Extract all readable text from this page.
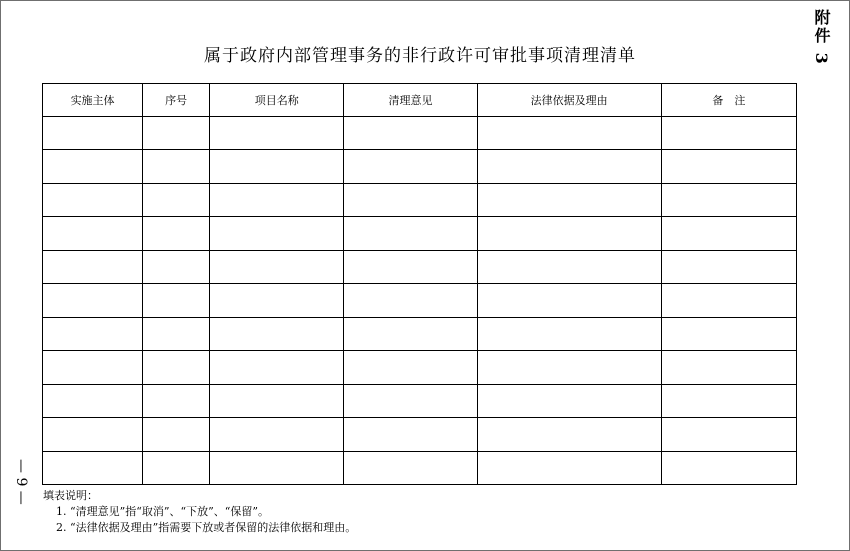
附件 3
— 9 —
属于政府内部管理事务的非行政许可审批事项清理清单
实施主体	序号	项目名称	清理意见	法律依据及理由	备　注

填表说明：
1. “清理意见”指“取消”、“下放”、“保留”。
2. “法律依据及理由”指需要下放或者保留的法律依据和理由。
